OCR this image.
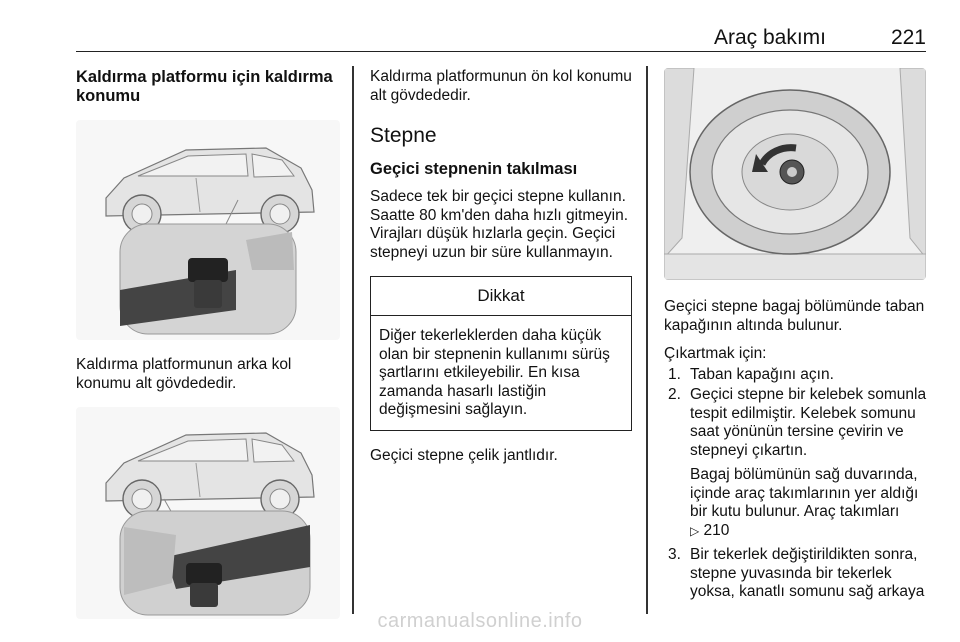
Araç bakımı	221
Kaldırma platformu için kaldırma konumu
Kaldırma platformunun arka kol konumu alt gövdededir.
Kaldırma platformunun ön kol konumu alt gövdededir.
Stepne
Geçici stepnenin takılması
Sadece tek bir geçici stepne kullanın. Saatte 80 km'den daha hızlı gitmeyin. Virajları düşük hızlarla geçin. Geçici stepneyi uzun bir süre kullanmayın.
Dikkat
Diğer tekerleklerden daha küçük olan bir stepnenin kullanımı sürüş şartlarını etkileyebilir. En kısa zamanda hasarlı lastiğin değişmesini sağlayın.
Geçici stepne çelik jantlıdır.
Geçici stepne bagaj bölümünde taban kapağının altında bulunur.
Çıkartmak için:
1. Taban kapağını açın.
2. Geçici stepne bir kelebek somunla tespit edilmiştir. Kelebek somunu saat yönünün tersine çevirin ve stepneyi çıkartın.
Bagaj bölümünün sağ duvarında, içinde araç takımlarının yer aldığı bir kutu bulunur. Araç takımları
▷ 210
3. Bir tekerlek değiştirildikten sonra, stepne yuvasında bir tekerlek yoksa, kanatlı somunu sağ arkaya
carmanualsonline.info
